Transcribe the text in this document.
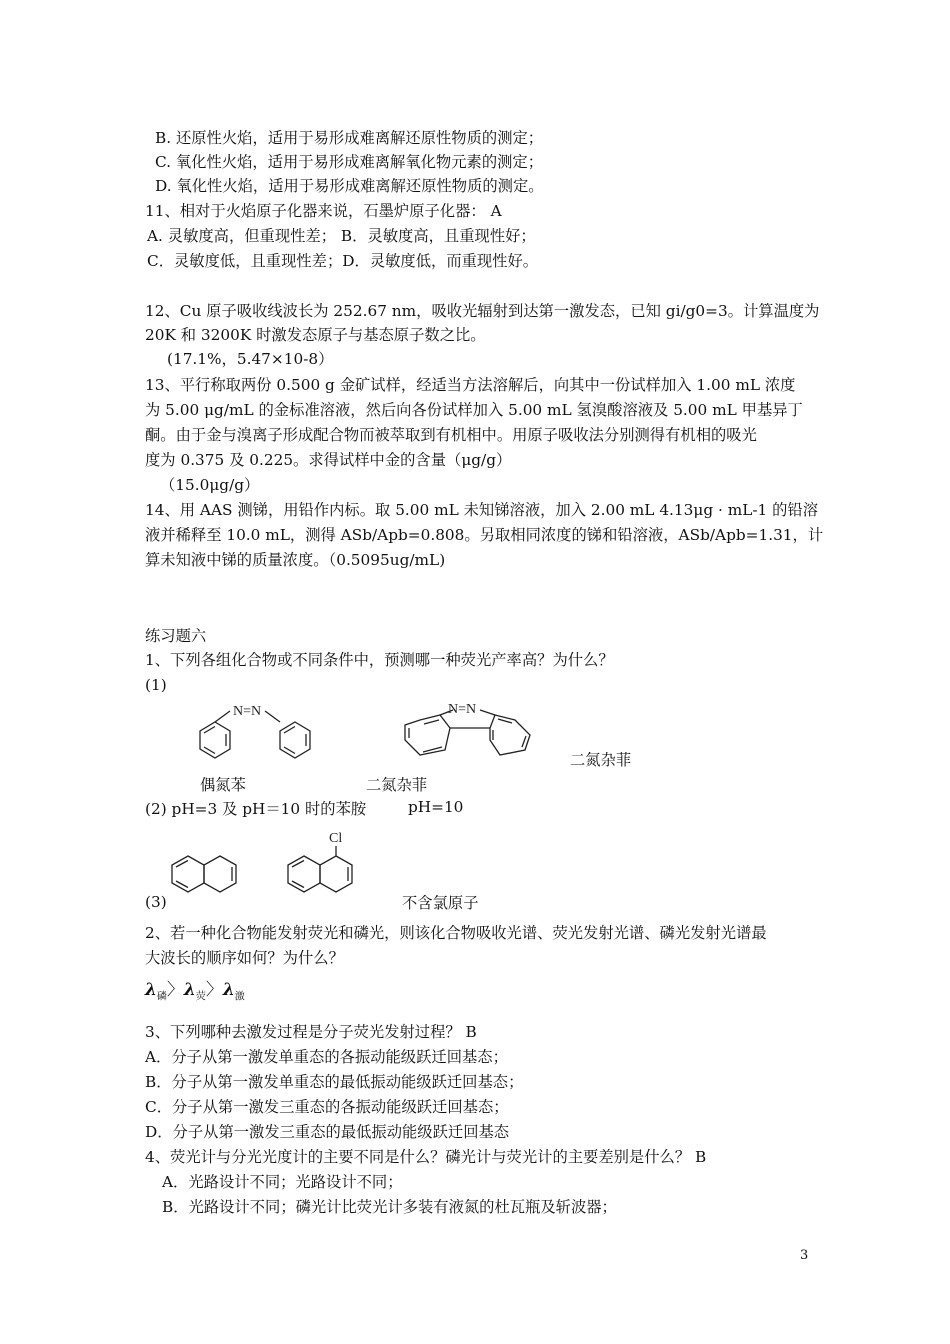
B. 还原性火焰，适用于易形成难离解还原性物质的测定；
C. 氧化性火焰，适用于易形成难离解氧化物元素的测定；
D. 氧化性火焰，适用于易形成难离解还原性物质的测定。
11、相对于火焰原子化器来说，石墨炉原子化器： A
A. 灵敏度高，但重现性差； B．灵敏度高，且重现性好；
C．灵敏度低，且重现性差；D．灵敏度低，而重现性好。
12、Cu 原子吸收线波长为 252.67 nm，吸收光辐射到达第一激发态，已知 gi/g0=3。计算温度为
20K 和 3200K 时激发态原子与基态原子数之比。
(17.1%，5.47×10-8）
13、平行称取两份 0.500 g 金矿试样，经适当方法溶解后，向其中一份试样加入 1.00 mL 浓度
为 5.00 μg/mL 的金标准溶液，然后向各份试样加入 5.00 mL 氢溴酸溶液及 5.00 mL 甲基异丁
酮。由于金与溴离子形成配合物而被萃取到有机相中。用原子吸收法分别测得有机相的吸光
度为 0.375 及 0.225。求得试样中金的含量（μg/g）
（15.0μg/g）
14、用 AAS 测锑，用铅作内标。取 5.00 mL 未知锑溶液，加入 2.00 mL 4.13μg · mL-1 的铅溶
液并稀释至 10.0 mL，测得 ASb/Apb=0.808。另取相同浓度的锑和铅溶液，ASb/Apb=1.31，计
算未知液中锑的质量浓度。（0.5095ug/mL)
练习题六
1、下列各组化合物或不同条件中，预测哪一种荧光产率高？为什么？
(1)
N=N	N=N
二氮杂菲
偶氮苯	二氮杂菲
(2) pH=3 及 pH＝10 时的苯胺	pH=10
Cl
(3)	不含氯原子
2、若一种化合物能发射荧光和磷光，则该化合物吸收光谱、荧光发射光谱、磷光发射光谱最
大波长的顺序如何？为什么？
$\lambda_磷$〉$\lambda_荧$〉$\lambda_激$
3、下列哪种去激发过程是分子荧光发射过程？ B
A．分子从第一激发单重态的各振动能级跃迁回基态；
B．分子从第一激发单重态的最低振动能级跃迁回基态；
C．分子从第一激发三重态的各振动能级跃迁回基态；
D．分子从第一激发三重态的最低振动能级跃迁回基态
4、荧光计与分光光度计的主要不同是什么？磷光计与荧光计的主要差别是什么？ B
A．光路设计不同；光路设计不同；
B．光路设计不同；磷光计比荧光计多装有液氮的杜瓦瓶及斩波器；
3
